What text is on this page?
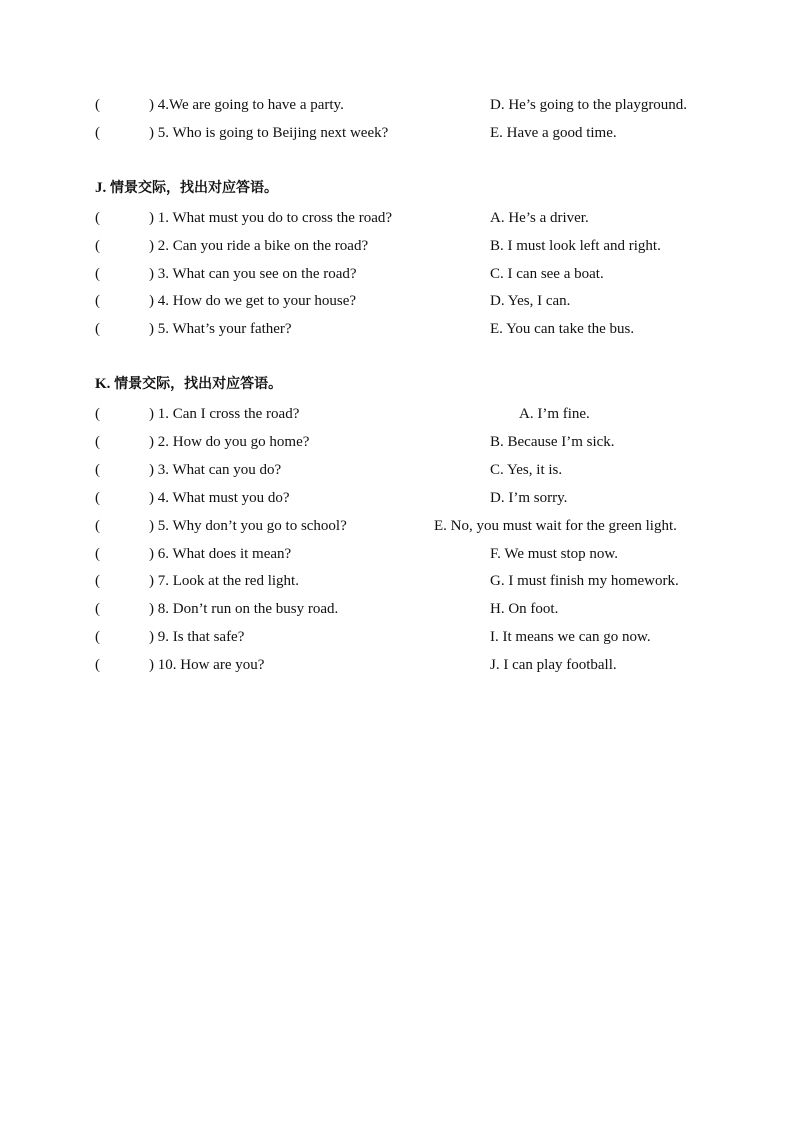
(	) 4.We are going to have a party.	D. He’s going to the playground.
(	) 5. Who is going to Beijing next week?	E. Have a good time.
J. 情景交际，找出对应答语。
(	) 1. What must you do to cross the road?	A. He’s a driver.
(	) 2. Can you ride a bike on the road?	B. I must look left and right.
(	) 3. What can you see on the road?	C. I can see a boat.
(	) 4. How do we get to your house?	D. Yes, I can.
(	) 5. What’s your father?	E. You can take the bus.
K. 情景交际，找出对应答语。
(	) 1. Can I cross the road?	A. I’m fine.
(	) 2. How do you go home?	B. Because I’m sick.
(	) 3. What can you do?	C. Yes, it is.
(	) 4. What must you do?	D. I’m sorry.
(	) 5. Why don’t you go to school?	E. No, you must wait for the green light.
(	) 6. What does it mean?	F. We must stop now.
(	) 7. Look at the red light.	G. I must finish my homework.
(	) 8. Don’t run on the busy road.	H. On foot.
(	) 9. Is that safe?	I. It means we can go now.
(	) 10. How are you?	J. I can play football.
